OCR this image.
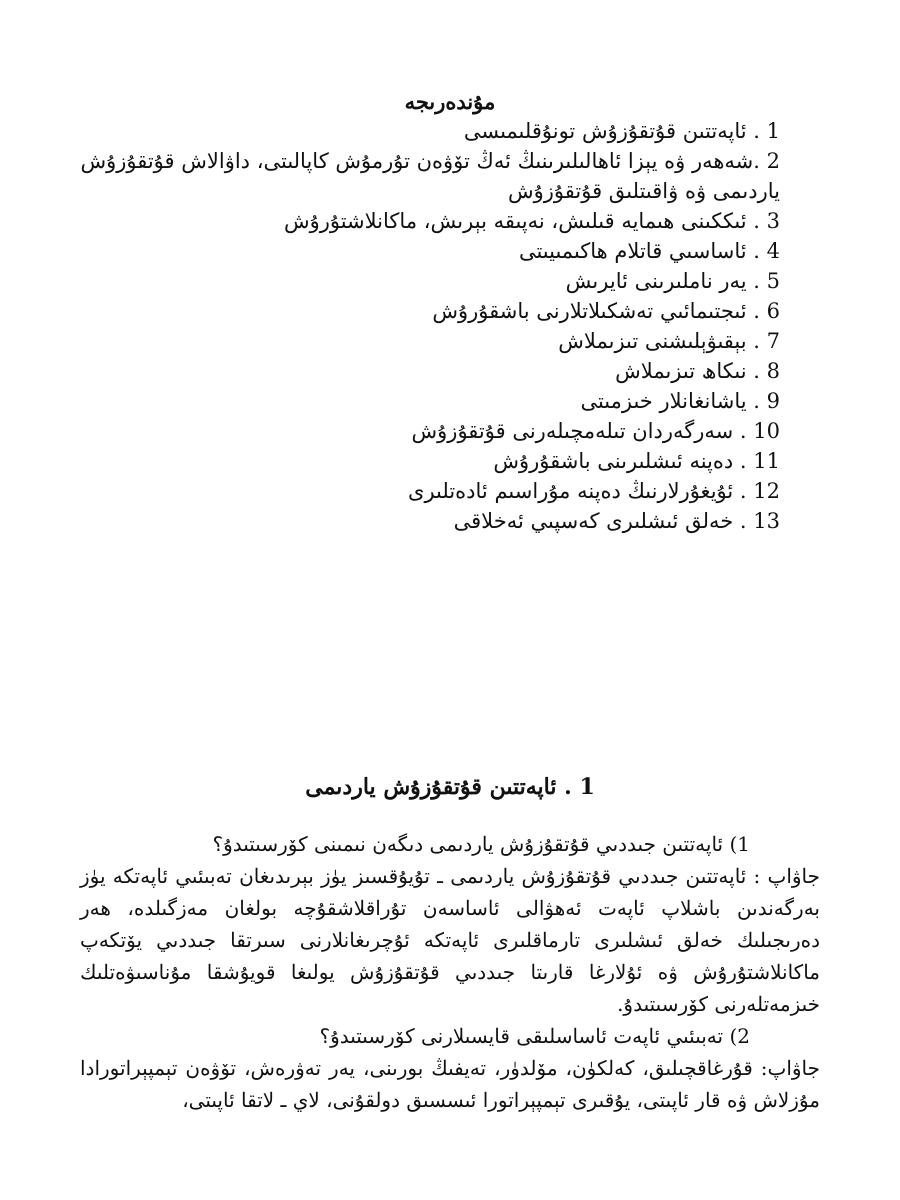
مۇندەرىجە
1 . ئاپەتتىن قۇتقۇزۇش تونۇقلىمىسى
2 .شەھەر ۋە يېزا ئاھالىلىرىنىڭ ئەڭ تۆۋەن تۇرمۇش كاپالىتى، داۋالاش قۇتقۇزۇش ياردىمى ۋە ۋاقىتلىق قۇتقۇزۇش
3 . ئىككىنى ھىمايە قىلىش، نەپىقە بېرىش، ماكانلاشتۇرۇش
4 . ئاساسىي قاتلام ھاكىمىيىتى
5 . يەر ناملىرىنى ئايرىش
6 . ئىجتىمائىي تەشكىلاتلارنى باشقۇرۇش
7 . بېقىۋېلىشنى تىزىملاش
8 . نىكاھ تىزىملاش
9 . ياشانغانلار خىزمىتى
10 . سەرگەردان تىلەمچىلەرنى قۇتقۇزۇش
11 . دەپنە ئىشلىرىنى باشقۇرۇش
12 . ئۇيغۇرلارنىڭ دەپنە مۇراسىم ئادەتلىرى
13 . خەلق ئىشلىرى كەسپىي ئەخلاقى
1 . ئاپەتتىن قۇتقۇزۇش ياردىمى

1) ئاپەتتىن جىددىي قۇتقۇزۇش ياردىمى دىگەن نىمىنى كۆرسىتىدۇ؟

جاۋاپ : ئاپەتتىن جىددىي قۇتقۇزۇش ياردىمى ـ تۇيۇقسىز يۈز بېرىدىغان تەبىئىي ئاپەتكە يۈز بەرگەندىن باشلاپ ئاپەت ئەھۋالى ئاساسەن تۇراقلاشقۇچە بولغان مەزگىلدە، ھەر دەرىجىلىك خەلق ئىشلىرى تارماقلىرى ئاپەتكە ئۇچرىغانلارنى سىرتقا جىددىي يۆتكەپ ماكانلاشتۇرۇش ۋە ئۇلارغا قارىتا جىددىي قۇتقۇزۇش يولىغا قويۇشقا مۇناسىۋەتلىك خىزمەتلەرنى كۆرسىتىدۇ.

2) تەبىئىي ئاپەت ئاساسلىقى قايسىلارنى كۆرسىتىدۇ؟

جاۋاپ: قۇرغاقچىلىق، كەلكۈن، مۆلدۈر، تەيفىڭ بورىنى، يەر تەۋرەش، تۆۋەن تېمپېراتورادا مۇزلاش ۋە قار ئاپىتى، يۇقىرى تېمپېراتورا ئىسسىق دولقۇنى، لاي ـ لاتقا ئاپىتى،
